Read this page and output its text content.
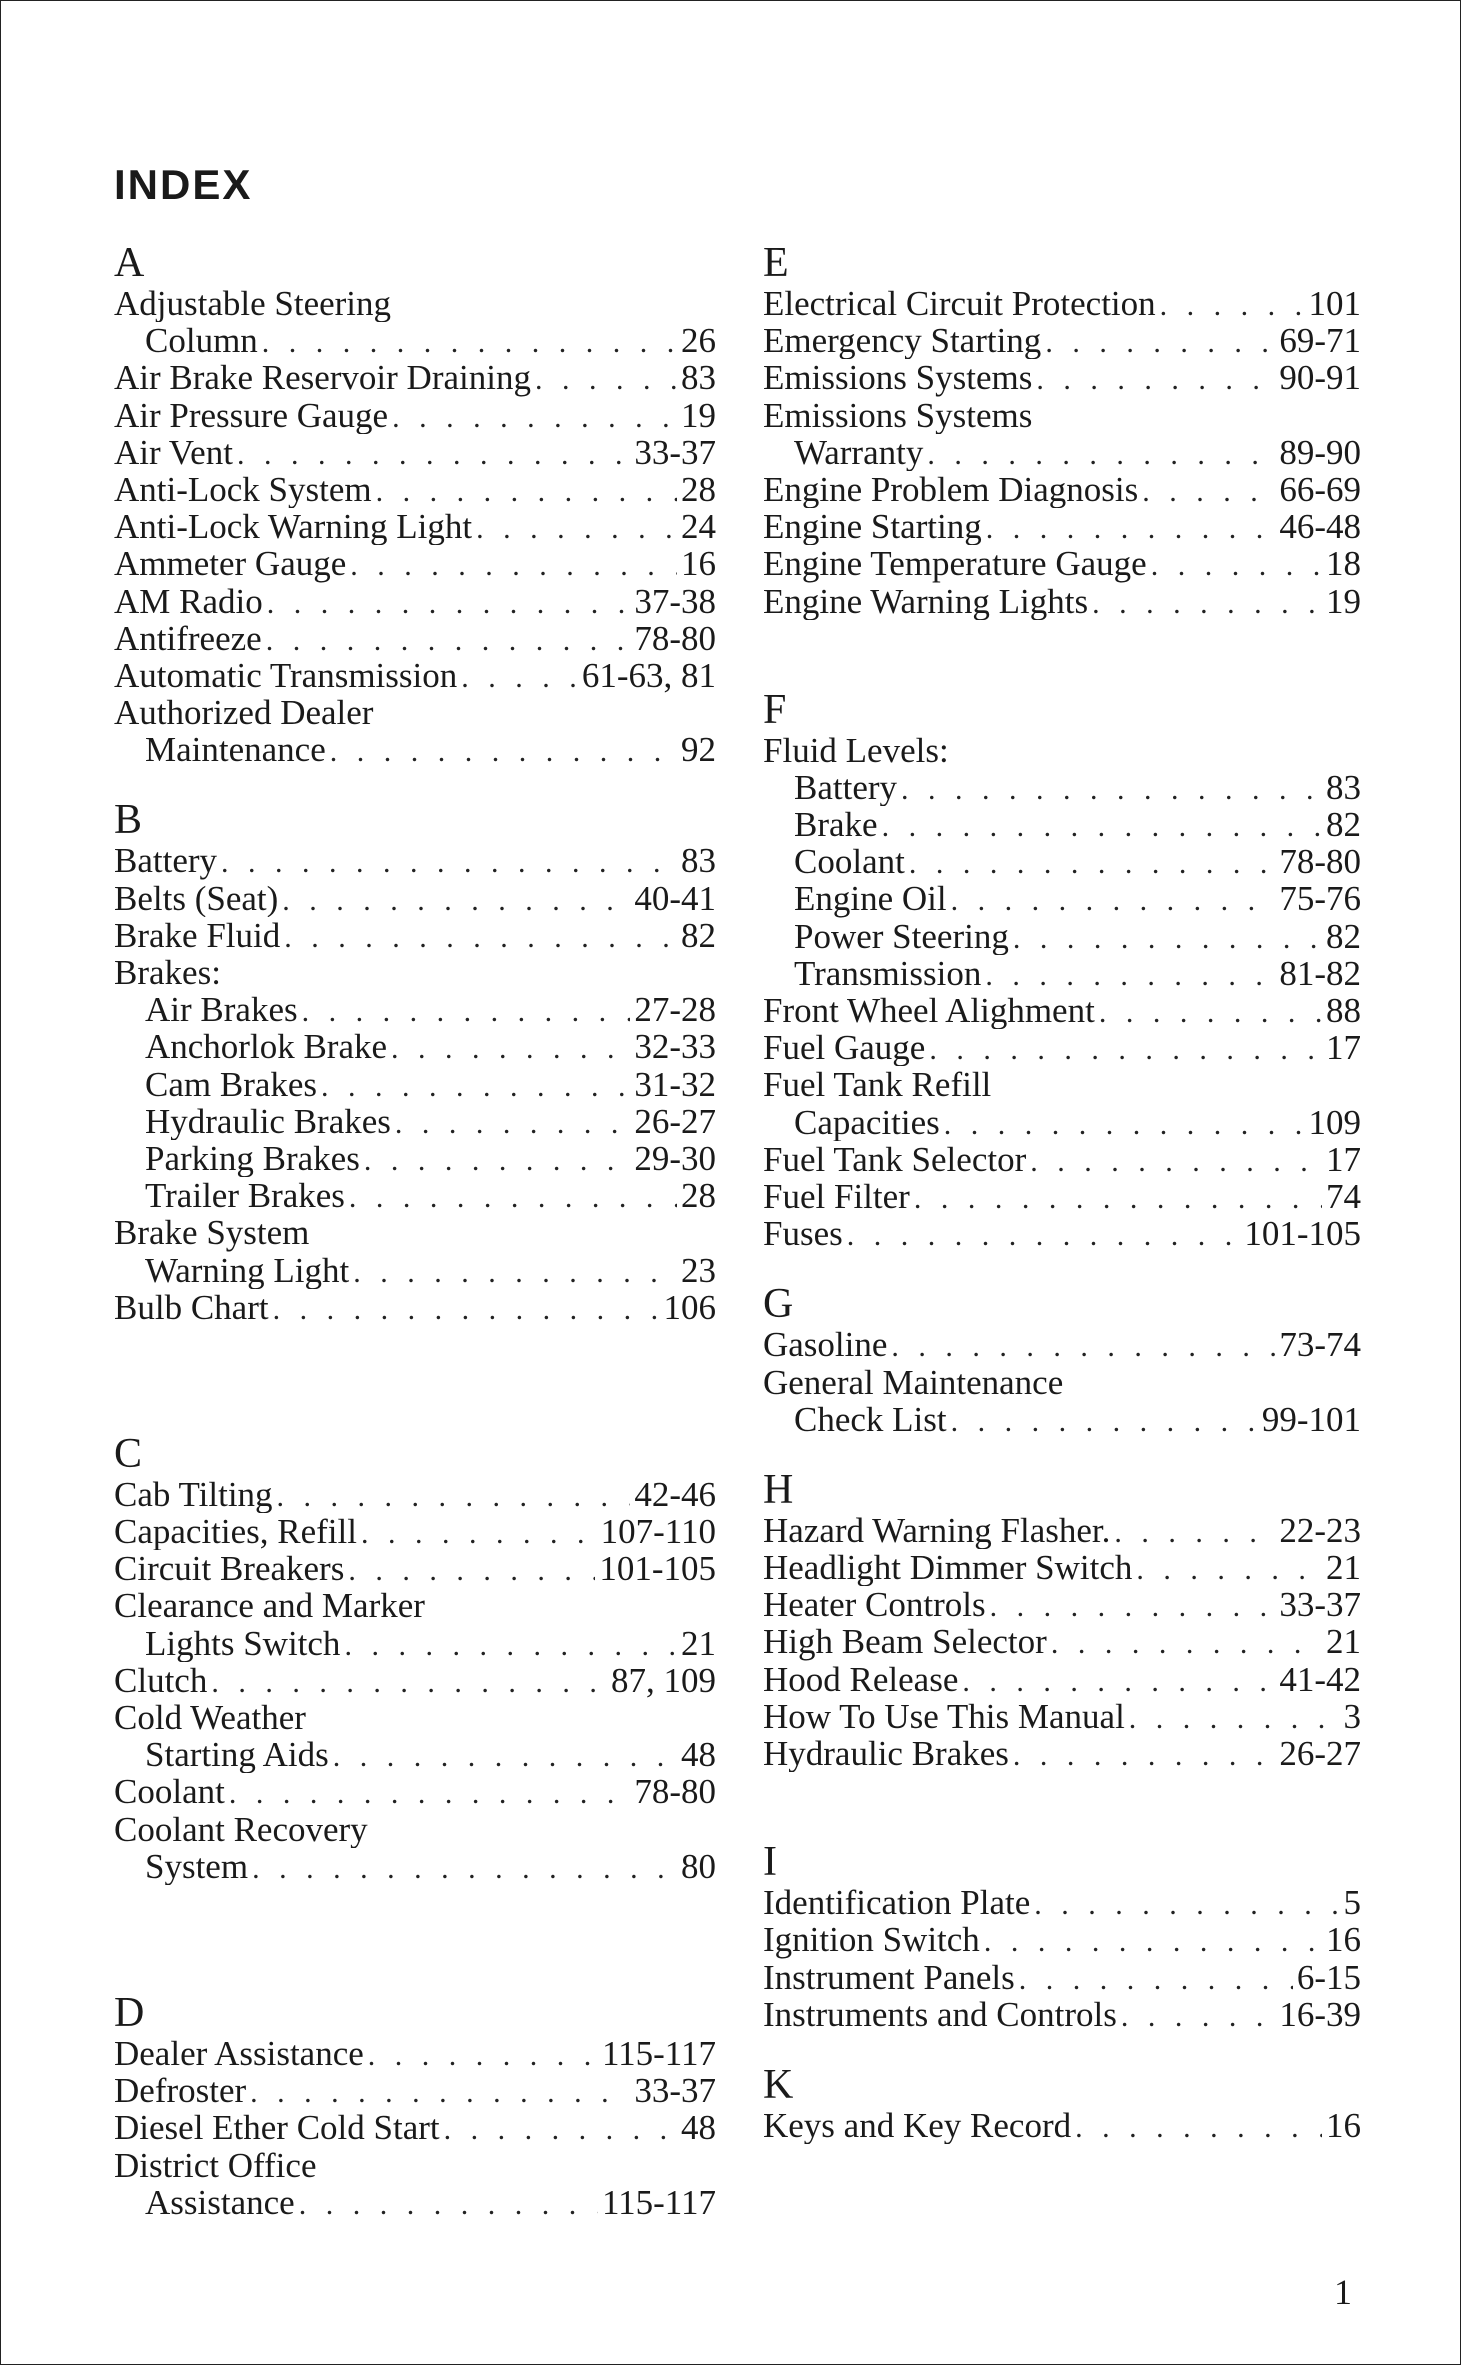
INDEX
A
Adjustable Steering
Column . . .	26
Air Brake Reservoir Draining . . .	83
Air Pressure Gauge . . .	19
Air Vent . . .	33-37
Anti-Lock System . . .	28
Anti-Lock Warning Light . . .	24
Ammeter Gauge . . .	16
AM Radio . . .	37-38
Antifreeze . . .	78-80
Automatic Transmission . . .	61-63, 81
Authorized Dealer
Maintenance . . .	92
B
Battery . . .	83
Belts (Seat) . . .	40-41
Brake Fluid . . .	82
Brakes:
Air Brakes . . .	27-28
Anchorlok Brake . . .	32-33
Cam Brakes . . .	31-32
Hydraulic Brakes . . .	26-27
Parking Brakes . . .	29-30
Trailer Brakes . . .	28
Brake System
Warning Light . . .	23
Bulb Chart . . .	106
C
Cab Tilting . . .	42-46
Capacities, Refill . . .	107-110
Circuit Breakers . . .	101-105
Clearance and Marker
Lights Switch . . .	21
Clutch . . .	87, 109
Cold Weather
Starting Aids . . .	48
Coolant . . .	78-80
Coolant Recovery
System . . .	80
D
Dealer Assistance . . .	115-117
Defroster . . .	33-37
Diesel Ether Cold Start . . .	48
District Office
Assistance . . .	115-117
E
Electrical Circuit Protection . . .	101
Emergency Starting . . .	69-71
Emissions Systems . . .	90-91
Emissions Systems
Warranty . . .	89-90
Engine Problem Diagnosis . . .	66-69
Engine Starting . . .	46-48
Engine Temperature Gauge . . .	18
Engine Warning Lights . . .	19
F
Fluid Levels:
Battery . . .	83
Brake . . .	82
Coolant . . .	78-80
Engine Oil . . .	75-76
Power Steering . . .	82
Transmission . . .	81-82
Front Wheel Alighment . . .	88
Fuel Gauge . . .	17
Fuel Tank Refill
Capacities . . .	109
Fuel Tank Selector . . .	17
Fuel Filter . . .	74
Fuses . . .	101-105
G
Gasoline . . .	73-74
General Maintenance
Check List . . .	99-101
H
Hazard Warning Flasher. . . .	22-23
Headlight Dimmer Switch . . .	21
Heater Controls . . .	33-37
High Beam Selector . . .	21
Hood Release . . .	41-42
How To Use This Manual . . .	3
Hydraulic Brakes . . .	26-27
I
Identification Plate . . .	5
Ignition Switch . . .	16
Instrument Panels . . .	6-15
Instruments and Controls . . .	16-39
K
Keys and Key Record . . .	16
1
